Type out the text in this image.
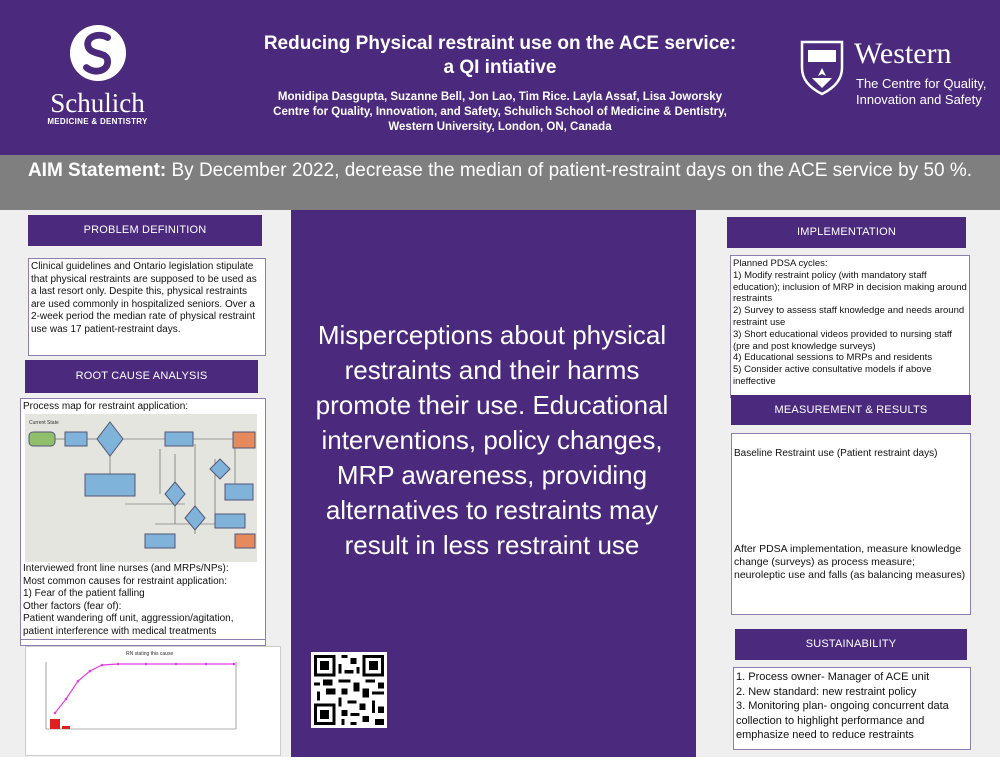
Schulich
MEDICINE & DENTISTRY
Reducing Physical restraint use on the ACE service:
a QI intiative
Monidipa Dasgupta, Suzanne Bell, Jon Lao, Tim Rice. Layla Assaf, Lisa Joworsky
Centre for Quality, Innovation, and Safety, Schulich School of Medicine & Dentistry,
Western University, London, ON, Canada
Western
The Centre for Quality,
Innovation and Safety
AIM Statement: By December 2022, decrease the median of patient-restraint days on the ACE service by 50 %.
PROBLEM DEFINITION

Clinical guidelines and Ontario legislation stipulate that physical restraints are supposed to be used as a last resort only. Despite this, physical restraints are used commonly in hospitalized seniors. Over a 2-week period the median rate of physical restraint use was 17 patient-restraint days.

ROOT CAUSE ANALYSIS

Process map for restraint application:

Current State

Interviewed front line nurses (and MRPs/NPs):

Most common causes for restraint application:

1) Fear of the patient falling

Other factors (fear of):

Patient wandering off unit, aggression/agitation, patient interference with medical treatments

RN stating this cause
Misperceptions about physical restraints and their harms promote their use. Educational interventions, policy changes, MRP awareness, providing alternatives to restraints may result in less restraint use
IMPLEMENTATION

Planned PDSA cycles:

1) Modify restraint policy (with mandatory staff education); inclusion of MRP in decision making around restraints

2) Survey to assess staff knowledge and needs around restraint use

3) Short educational videos provided to nursing staff (pre and post knowledge surveys)

4) Educational sessions to MRPs and residents

5) Consider active consultative models if above ineffective

MEASUREMENT & RESULTS

Baseline Restraint use (Patient restraint days)

After PDSA implementation, measure knowledge change (surveys) as process measure; neuroleptic use and falls (as balancing measures)

SUSTAINABILITY

1. Process owner- Manager of ACE unit

2. New standard: new restraint policy

3. Monitoring plan- ongoing concurrent data collection to highlight performance and emphasize need to reduce restraints
